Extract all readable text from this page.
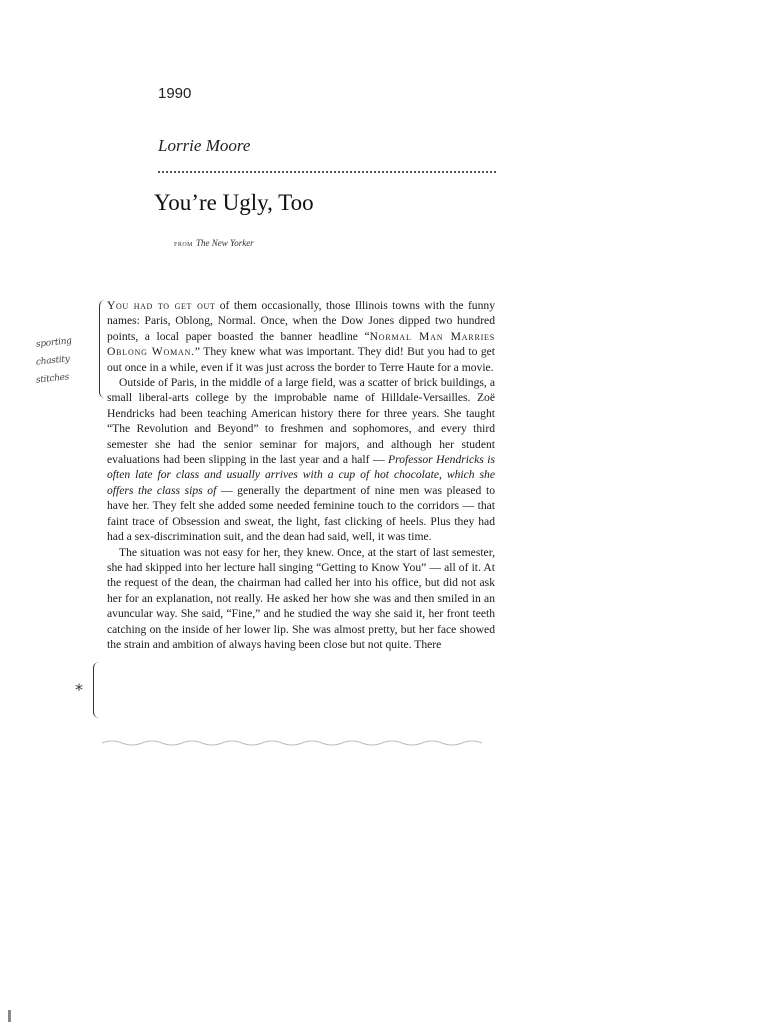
1990
Lorrie Moore
You’re Ugly, Too
from The New Yorker
sporting
chastity
stitches

You had to get out of them occasionally, those Illinois towns with the funny names: Paris, Oblong, Normal. Once, when the Dow Jones dipped two hundred points, a local paper boasted the banner headline “Normal Man Marries Oblong Woman.” They knew what was important. They did! But you had to get out once in a while, even if it was just across the border to Terre Haute for a movie.

Outside of Paris, in the middle of a large field, was a scatter of brick buildings, a small liberal-arts college by the improbable name of Hilldale-Versailles. Zoë Hendricks had been teaching American history there for three years. She taught “The Revolution and Beyond” to freshmen and sophomores, and every third semester she had the senior seminar for majors, and although her student evaluations had been slipping in the last year and a half — Professor Hendricks is often late for class and usually arrives with a cup of hot chocolate, which she offers the class sips of — generally the department of nine men was pleased to have her. They felt she added some needed feminine touch to the corridors — that faint trace of Obsession and sweat, the light, fast clicking of heels. Plus they had had a sex-discrimination suit, and the dean had said, well, it was time.

The situation was not easy for her, they knew. Once, at the start of last semester, she had skipped into her lecture hall singing “Getting to Know You” — all of it. At the request of the dean, the chairman had called her into his office, but did not ask her for an explanation, not really. He asked her how she was and then smiled in an avuncular way. She said, “Fine,” and he studied the way she said it, her front teeth catching on the inside of her lower lip. She was almost pretty, but her face showed the strain and ambition of always having been close but not quite. There

*
